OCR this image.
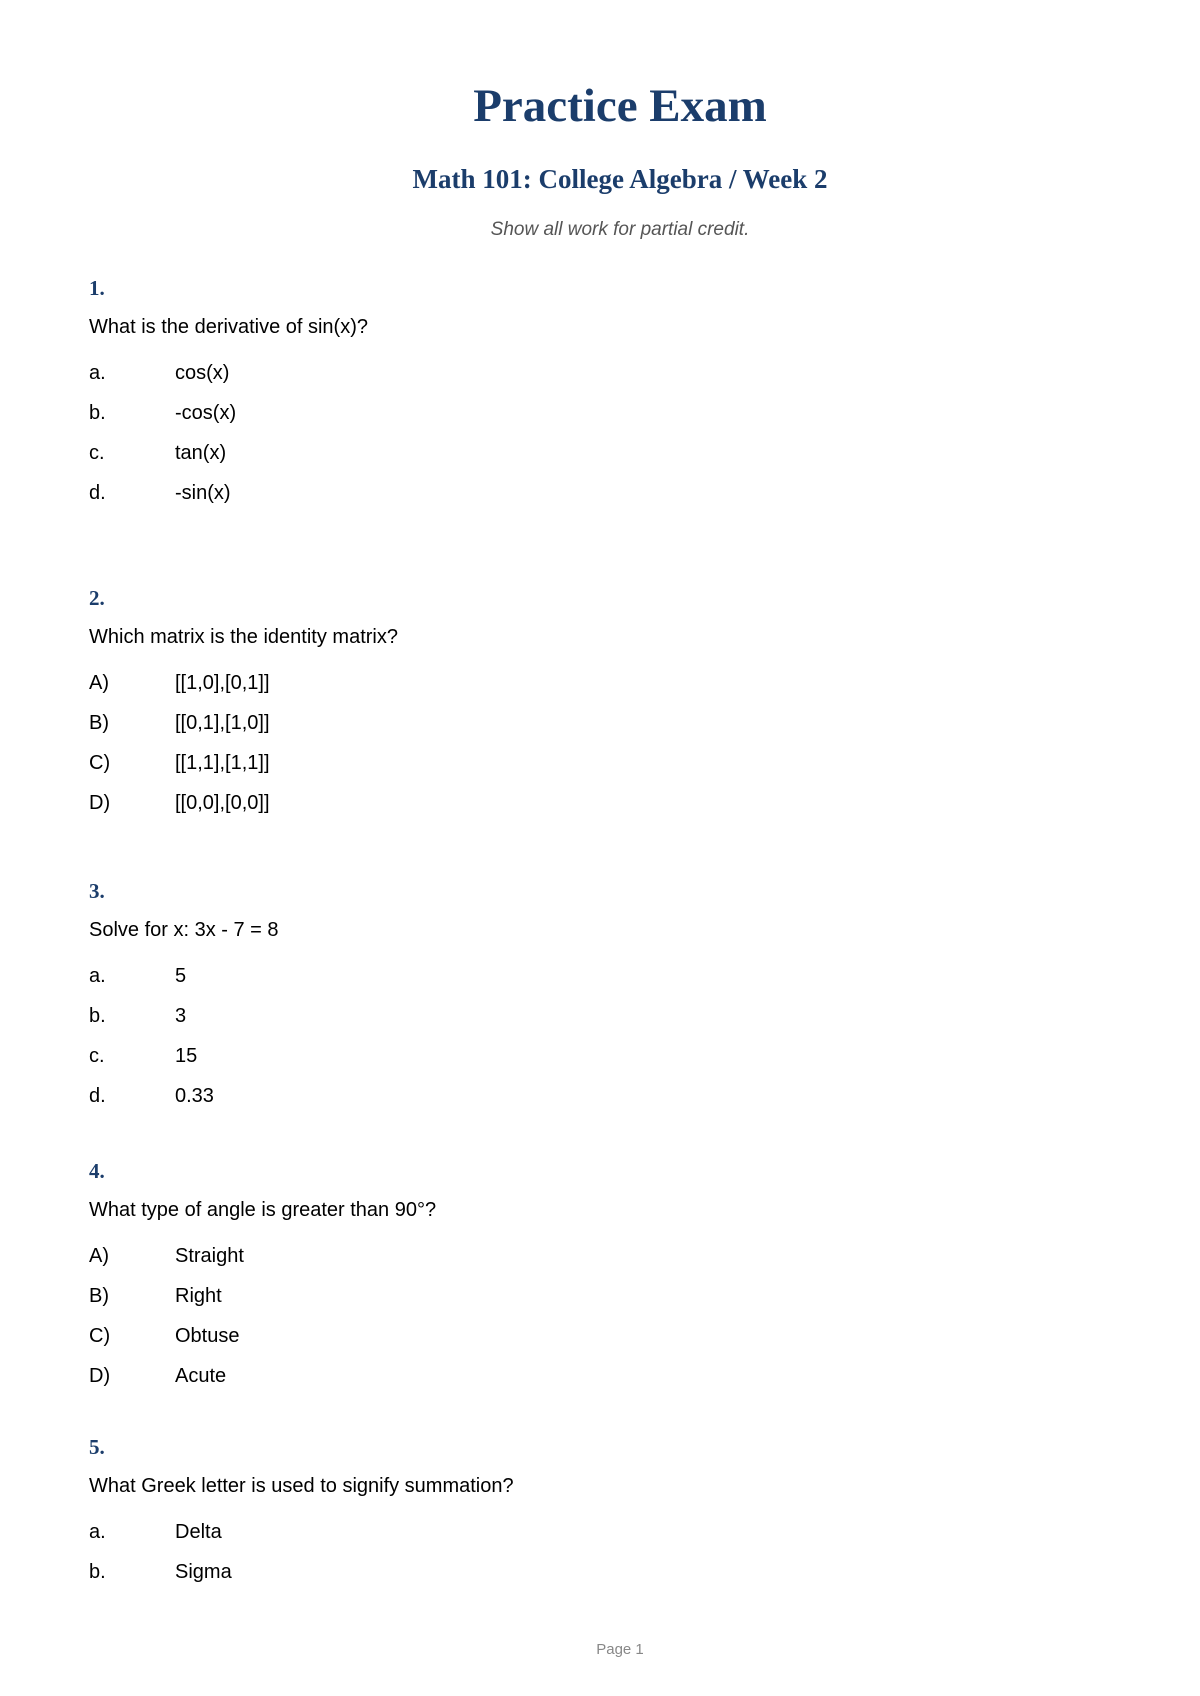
Practice Exam
Math 101: College Algebra / Week 2

Show all work for partial credit.

1.
What is the derivative of sin(x)?
a.	cos(x)
b.	-cos(x)
c.	tan(x)
d.	-sin(x)
2.
Which matrix is the identity matrix?
A)	[[1,0],[0,1]]
B)	[[0,1],[1,0]]
C)	[[1,1],[1,1]]
D)	[[0,0],[0,0]]
3.
Solve for x: 3x - 7 = 8
a.	5
b.	3
c.	15
d.	0.33
4.
What type of angle is greater than 90°?
A)	Straight
B)	Right
C)	Obtuse
D)	Acute
5.
What Greek letter is used to signify summation?
a.	Delta
b.	Sigma
Page 1
